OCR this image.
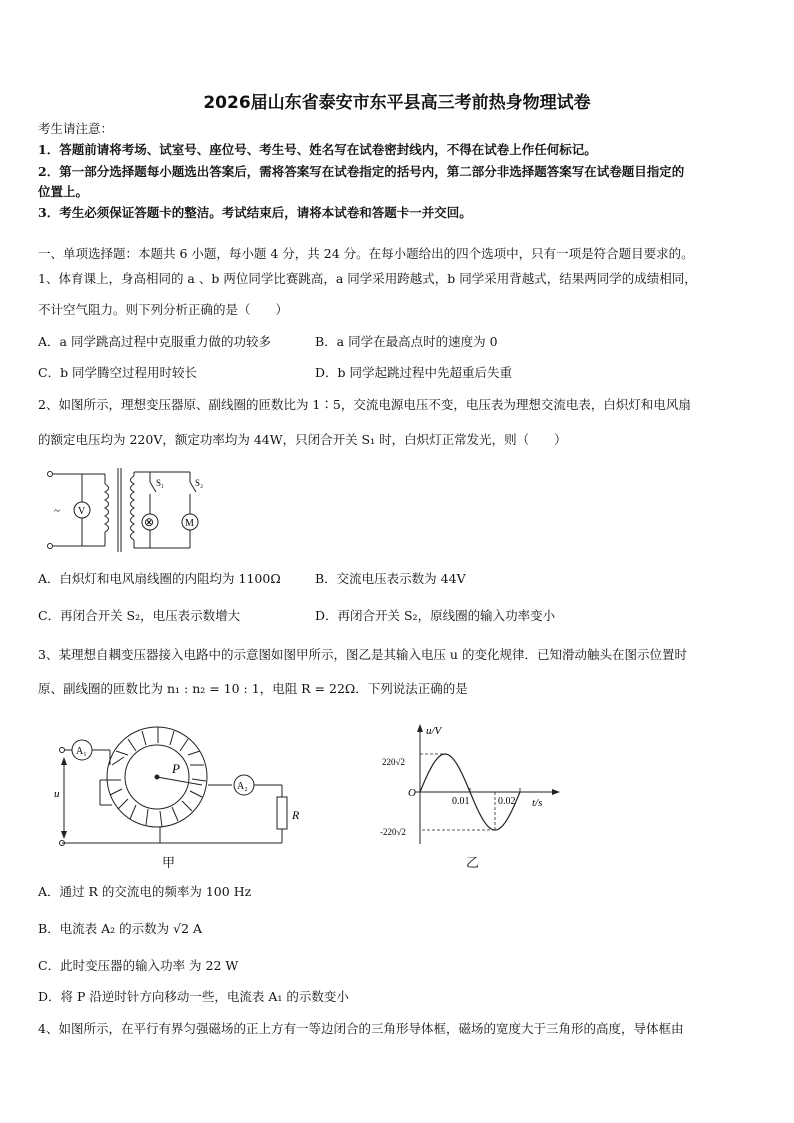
2026届山东省泰安市东平县高三考前热身物理试卷
考生请注意：
1．答题前请将考场、试室号、座位号、考生号、姓名写在试卷密封线内，不得在试卷上作任何标记。
2．第一部分选择题每小题选出答案后，需将答案写在试卷指定的括号内，第二部分非选择题答案写在试卷题目指定的
位置上。
3．考生必须保证答题卡的整洁。考试结束后，请将本试卷和答题卡一并交回。
一、单项选择题：本题共 6 小题，每小题 4 分，共 24 分。在每小题给出的四个选项中，只有一项是符合题目要求的。
1、体育课上，身高相同的 a 、b 两位同学比赛跳高，a 同学采用跨越式，b 同学采用背越式，结果两同学的成绩相同，
不计空气阻力。则下列分析正确的是（　　）
A．a 同学跳高过程中克服重力做的功较多	B．a 同学在最高点时的速度为 0
C．b 同学腾空过程用时较长	D．b 同学起跳过程中先超重后失重
2、如图所示，理想变压器原、副线圈的匝数比为 1∶5，交流电源电压不变，电压表为理想交流电表，白炽灯和电风扇
的额定电压均为 220V，额定功率均为 44W，只闭合开关 S₁ 时，白炽灯正常发光，则（　　）
~ V
S₁	S₂
⊗	M
A．白炽灯和电风扇线圈的内阻均为 1100Ω	B．交流电压表示数为 44V
C．再闭合开关 S₂，电压表示数增大	D．再闭合开关 S₂，原线圈的输入功率变小
3、某理想自耦变压器接入电路中的示意图如图甲所示，图乙是其输入电压 u 的变化规律．已知滑动触头在图示位置时
原、副线圈的匝数比为 n₁ : n₂ = 10 : 1，电阻 R = 22Ω．下列说法正确的是
A₁
A₂
P
R
u
甲
u/V
t/s
O
220√2
-220√2
0.01	0.02
乙
A．通过 R 的交流电的频率为 100 Hz
B．电流表 A₂ 的示数为 √2 A
C．此时变压器的输入功率 为 22 W
D．将 P 沿逆时针方向移动一些，电流表 A₁ 的示数变小
4、如图所示，在平行有界匀强磁场的正上方有一等边闭合的三角形导体框，磁场的宽度大于三角形的高度，导体框由
